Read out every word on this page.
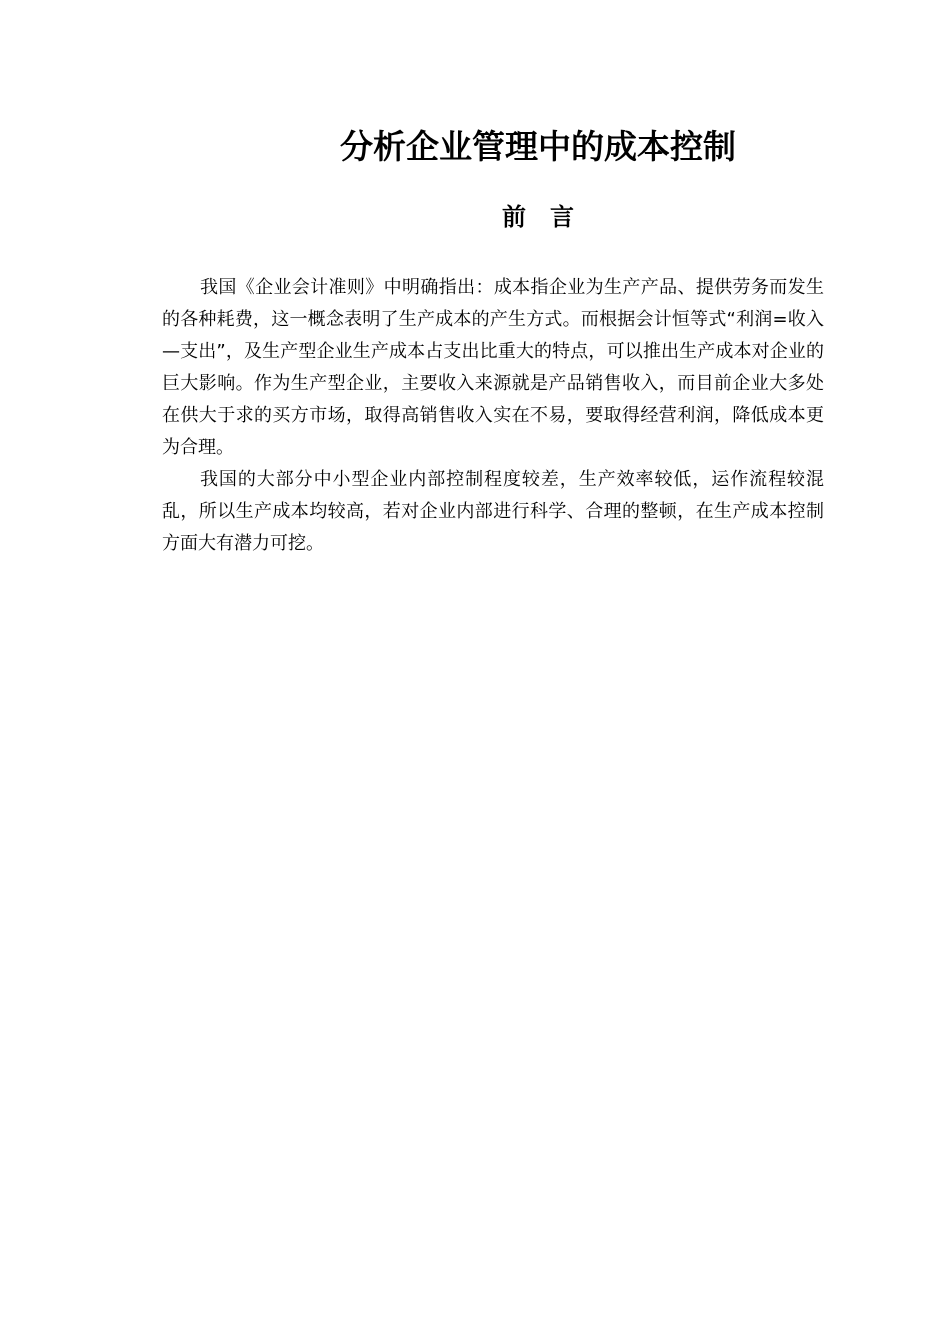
分析企业管理中的成本控制
前　言

我国《企业会计准则》中明确指出：成本指企业为生产产品、提供劳务而发生的各种耗费，这一概念表明了生产成本的产生方式。而根据会计恒等式“利润=收入—支出”，及生产型企业生产成本占支出比重大的特点，可以推出生产成本对企业的巨大影响。作为生产型企业，主要收入来源就是产品销售收入，而目前企业大多处在供大于求的买方市场，取得高销售收入实在不易，要取得经营利润，降低成本更为合理。

我国的大部分中小型企业内部控制程度较差，生产效率较低，运作流程较混乱，所以生产成本均较高，若对企业内部进行科学、合理的整顿，在生产成本控制方面大有潜力可挖。
